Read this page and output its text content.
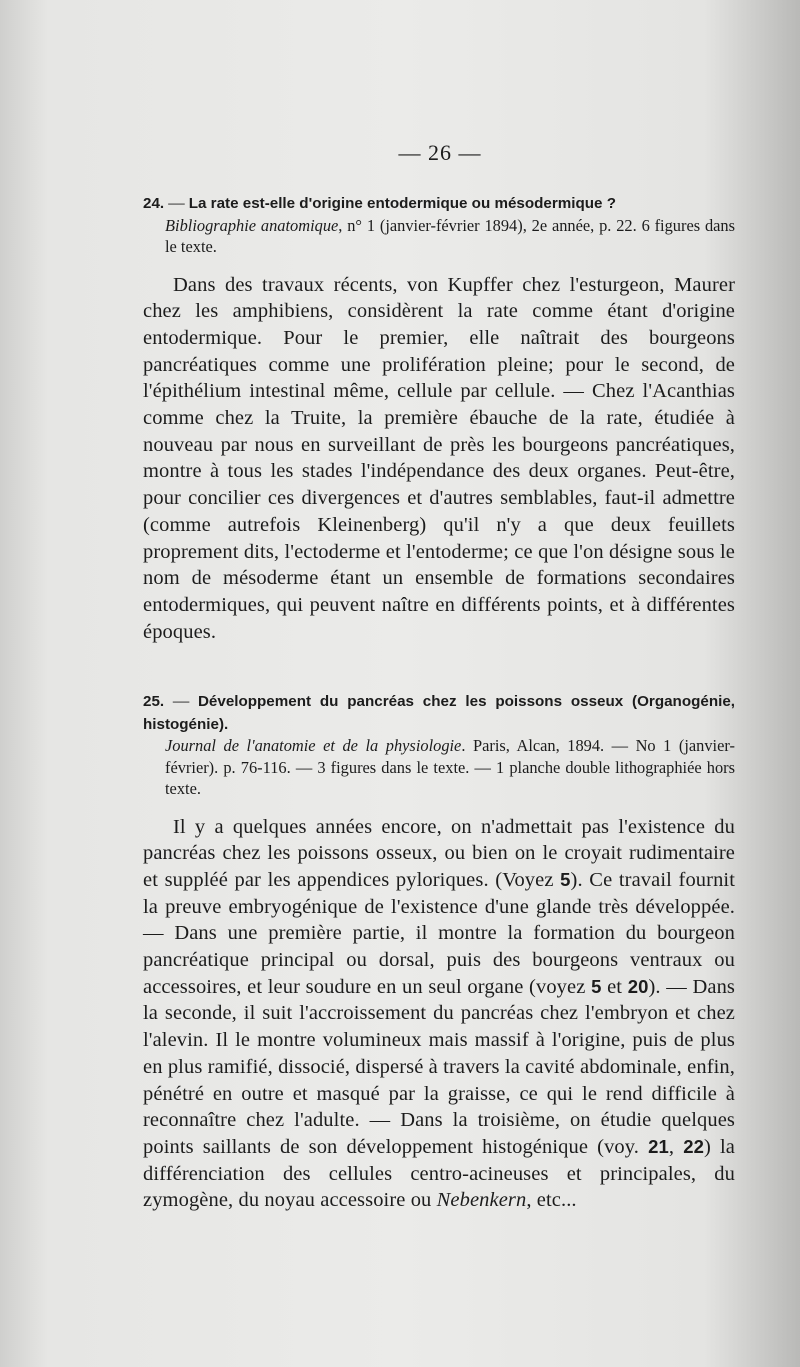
— 26 —
24. — La rate est-elle d'origine entodermique ou mésodermique ?
Bibliographie anatomique, n° 1 (janvier-février 1894), 2e année, p. 22. 6 figures dans le texte.

Dans des travaux récents, von Kupffer chez l'esturgeon, Maurer chez les amphibiens, considèrent la rate comme étant d'origine entodermique. Pour le premier, elle naîtrait des bourgeons pancréatiques comme une prolifération pleine; pour le second, de l'épithélium intestinal même, cellule par cellule. — Chez l'Acanthias comme chez la Truite, la première ébauche de la rate, étudiée à nouveau par nous en surveillant de près les bourgeons pancréatiques, montre à tous les stades l'indépendance des deux organes. Peut-être, pour concilier ces divergences et d'autres semblables, faut-il admettre (comme autrefois Kleinenberg) qu'il n'y a que deux feuillets proprement dits, l'ectoderme et l'entoderme; ce que l'on désigne sous le nom de mésoderme étant un ensemble de formations secondaires entodermiques, qui peuvent naître en différents points, et à différentes époques.

25. — Développement du pancréas chez les poissons osseux (Organogénie, histogénie).
Journal de l'anatomie et de la physiologie. Paris, Alcan, 1894. — No 1 (janvier-février). p. 76-116. — 3 figures dans le texte. — 1 planche double lithographiée hors texte.

Il y a quelques années encore, on n'admettait pas l'existence du pancréas chez les poissons osseux, ou bien on le croyait rudimentaire et suppléé par les appendices pyloriques. (Voyez 5). Ce travail fournit la preuve embryogénique de l'existence d'une glande très développée. — Dans une première partie, il montre la formation du bourgeon pancréatique principal ou dorsal, puis des bourgeons ventraux ou accessoires, et leur soudure en un seul organe (voyez 5 et 20). — Dans la seconde, il suit l'accroissement du pancréas chez l'embryon et chez l'alevin. Il le montre volumineux mais massif à l'origine, puis de plus en plus ramifié, dissocié, dispersé à travers la cavité abdominale, enfin, pénétré en outre et masqué par la graisse, ce qui le rend difficile à reconnaître chez l'adulte. — Dans la troisième, on étudie quelques points saillants de son développement histogénique (voy. 21, 22) la différenciation des cellules centro-acineuses et principales, du zymogène, du noyau accessoire ou Nebenkern, etc...
